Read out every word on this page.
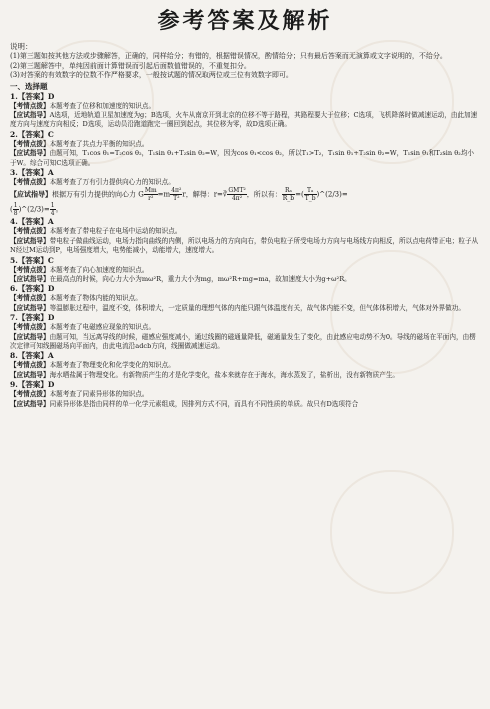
参考答案及解析
说明：
(1)第三题如按其他方法或步骤解答，正确的，同样给分；有错的，根据错误情况，酌情给分；只有最后答案而无演算或文字说明的，不给分。
(2)第三题解答中，单纯因前面计算错误而引起后面数值错误的，不重复扣分。
(3)对答案的有效数字的位数不作严格要求，一般按试题的情况取两位或三位有效数字即可。
一、选择题
1.【答案】D
【考情点拨】本题考查了位移和加速度的知识点。
【应试指导】A选项，近地轨道卫星加速度为g；B选项，火车从南京开到北京的位移不等于路程，其路程要大于位移；C选项，飞机降落时做减速运动，由此加速度方向与速度方向相反；D选项，运动员沿跑道跑完一圈回到起点，其位移为零，故D选项正确。
2.【答案】C
【考情点拨】本题考查了共点力平衡的知识点。
【应试指导】由题可知，T₁cos θ₁=T₂cos θ₂，T₁sin θ₁+T₂sin θ₂=W，因为cos θ₁<cos θ₂，所以T₁>T₂，T₁sin θ₁+T₂sin θ₂=W，T₁sin θ₁和T₂sin θ₂均小于W。综合可知C选项正确。
3.【答案】A
【考情点拨】本题考查了万有引力提供向心力的知识点。
【应试指导】根据万有引力提供的向心力 G $\frac{Mm}{\text{r²}} =m \frac{\text{4π²}}{\text{T²}}$ r，解得：r=∛ $\frac{\text{GMT²}}{\text{4π²}}$ ，所以有： $\frac{\text{Rₐ}}{R\_b}$ =( $\frac{\text{Tₐ}}{T\_b}$ )^(2/3)=
( $\frac{1}{8}$ )^(2/3)= $\frac{1}{4}$ 。
4.【答案】A
【考情点拨】本题考查了带电粒子在电场中运动的知识点。
【应试指导】带电粒子做曲线运动，电场力指向曲线的内侧，所以电场力的方向向右，带负电粒子所受电场力方向与电场线方向相反，所以点电荷带正电；粒子从N经过M运动到P，电场强度增大，电势能减小，动能增大，速度增大。
5.【答案】C
【考情点拨】本题考查了向心加速度的知识点。
【应试指导】在最高点的时候，向心力大小为mω²R，重力大小为mg，mω²R+mg=ma，故加速度大小为g+ω²R。
6.【答案】D
【考情点拨】本题考查了物体内能的知识点。
【应试指导】等温膨胀过程中，温度不变，体积增大，一定质量的理想气体的内能只跟气体温度有关，故气体内能不变，但气体体积增大，气体对外界做功。
7.【答案】D
【考情点拨】本题考查了电磁感应现象的知识点。
【应试指导】由题可知，当远离导线的时候，磁感应强度减小，通过线圈的磁通量降低，磁通量发生了变化，由此感应电动势不为0。导线的磁场在平面内，由楞次定律可知线圈磁场向平面内，由此电流沿adcb方向，线圈做减速运动。
8.【答案】A
【考情点拨】本题考查了物理变化和化学变化的知识点。
【应试指导】海水晒盐属于物理变化。有新物质产生的才是化学变化，盐本来就存在于海水，海水蒸发了，盐析出，没有新物质产生。
9.【答案】D
【考情点拨】本题考查了同素异形体的知识点。
【应试指导】同素异形体是指由同样的单一化学元素组成，因排列方式不同，而具有不同性质的单质。故只有D选项符合
